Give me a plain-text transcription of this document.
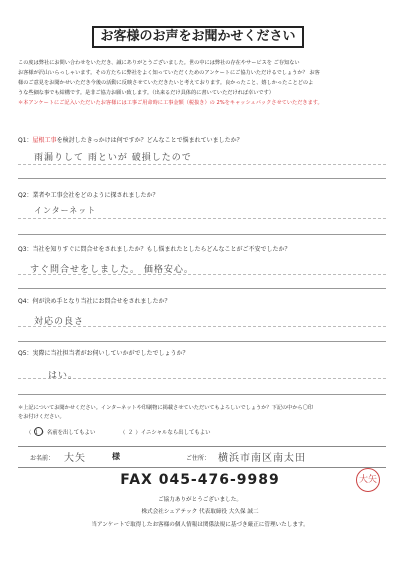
お客様のお声をお聞かせください

この度は弊社にお問い合わせをいただき、誠にありがとうございました。世の中には弊社の存在やサービスを ご存知ない

お客様が沢山いらっしゃいます。その方たちに弊社をよく知っていただくためのアンケートにご協力いただけるでしょうか？ お客

様のご意見をお聞かせいただき今後の活動に反映させていただきたいと考えております。良かったこと、嬉しかったことどのよ

うな些細な事でも結構です。是非ご協力お願い致します。（出来るだけ具体的に書いていただければ幸いです）

＊本アンケートにご記入いただいたお客様には工事ご用命時に工事金額（税抜き）の 2%をキャッシュバックさせていただきます。

Q1：屋根工事を検討したきっかけは何ですか？どんなことで悩まれていましたか？
雨漏りして 雨といが 破損したので
Q2：業者や工事会社をどのように探されましたか？
インターネット
Q3：当社を知りすぐに問合せをされましたか？もし悩まれたとしたらどんなことがご不安でしたか？
すぐ問合せをしました。 価格安心。
Q4：何が決め手となり当社にお問合せをされましたか？
対応の良さ
Q5：実際に当社担当者がお伺いしていかがでしたでしょうか？
はい。
＊上記についてお聞かせください。インターネットや印刷物に掲載させていただいてもよろしいでしょうか？下記の中から〇印
をお付けください。
（ １ ）名前を出してもよい	（ ２ ）イニシャルなら出してもよい
お名前： 大矢	様	ご住所： 横浜市南区南太田
FAX 045-476-9989	大矢
ご協力ありがとうございました。
株式会社シェアテック 代表取締役 大久保 誠二
当アンケートで取得したお客様の個人情報は関係法規に基づき厳正に管理いたします。
